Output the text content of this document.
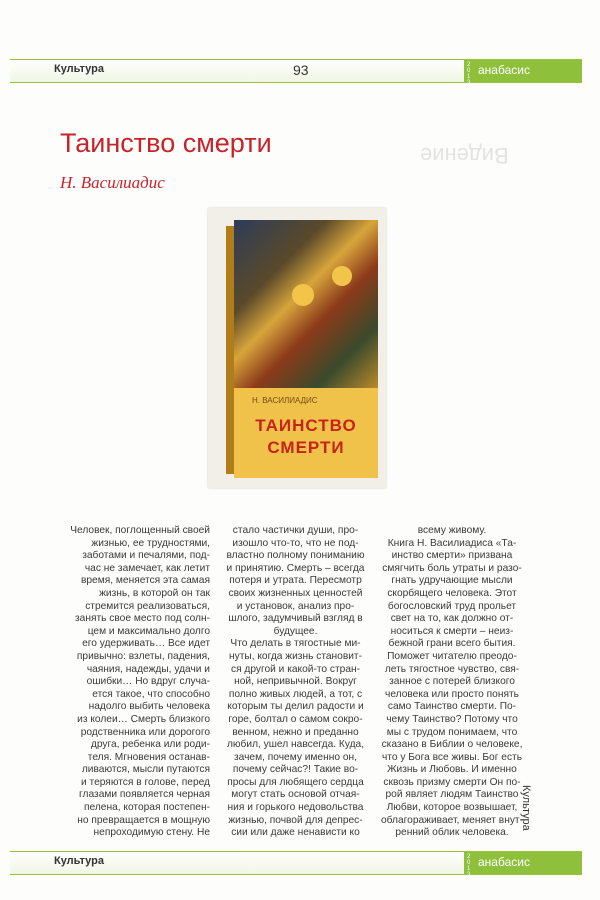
Культура	93	2013
анабасис
Видение
Таинство смерти
Н. Василиадис
Н. ВАСИЛИАДИС
ТАИНСТВО
СМЕРТИ
Человек, поглощенный своей
жизнью, ее трудностями,
заботами и печалями, под-
час не замечает, как летит
время, меняется эта самая
жизнь, в которой он так
стремится реализоваться,
занять свое место под солн-
цем и максимально долго
его удерживать… Все идет
привычно: взлеты, падения,
чаяния, надежды, удачи и
ошибки… Но вдруг случа-
ется такое, что способно
надолго выбить человека
из колеи… Смерть близкого
родственника или дорогого
друга, ребенка или роди-
теля. Мгновения останав-
ливаются, мысли путаются
и теряются в голове, перед
глазами появляется черная
пелена, которая постепен-
но превращается в мощную
непроходимую стену. Не
стало частички души, про-
изошло что-то, что не под-
властно полному пониманию
и принятию. Смерть – всегда
потеря и утрата. Пересмотр
своих жизненных ценностей
и установок, анализ про-
шлого, задумчивый взгляд в
будущее.
Что делать в тягостные ми-
нуты, когда жизнь становит-
ся другой и какой-то стран-
ной, непривычной. Вокруг
полно живых людей, а тот, с
которым ты делил радости и
горе, болтал о самом сокро-
венном, нежно и преданно
любил, ушел навсегда. Куда,
зачем, почему именно он,
почему сейчас?! Такие во-
просы для любящего сердца
могут стать основой отчая-
ния и горького недовольства
жизнью, почвой для депрес-
сии или даже ненависти ко
всему живому.
Книга Н. Василиадиса «Та-
инство смерти» призвана
смягчить боль утраты и разо-
гнать удручающие мысли
скорбящего человека. Этот
богословский труд прольет
свет на то, как должно от-
носиться к смерти – неиз-
бежной грани всего бытия.
Поможет читателю преодо-
леть тягостное чувство, свя-
занное с потерей близкого
человека или просто понять
само Таинство смерти. По-
чему Таинство? Потому что
мы с трудом понимаем, что
сказано в Библии о человеке,
что у Бога все живы. Бог есть
Жизнь и Любовь. И именно
сквозь призму смерти Он по-
рой являет людям Таинство
Любви, которое возвышает,
облагораживает, меняет внут-
ренний облик человека.
Культура
Культура	2013
анабасис
